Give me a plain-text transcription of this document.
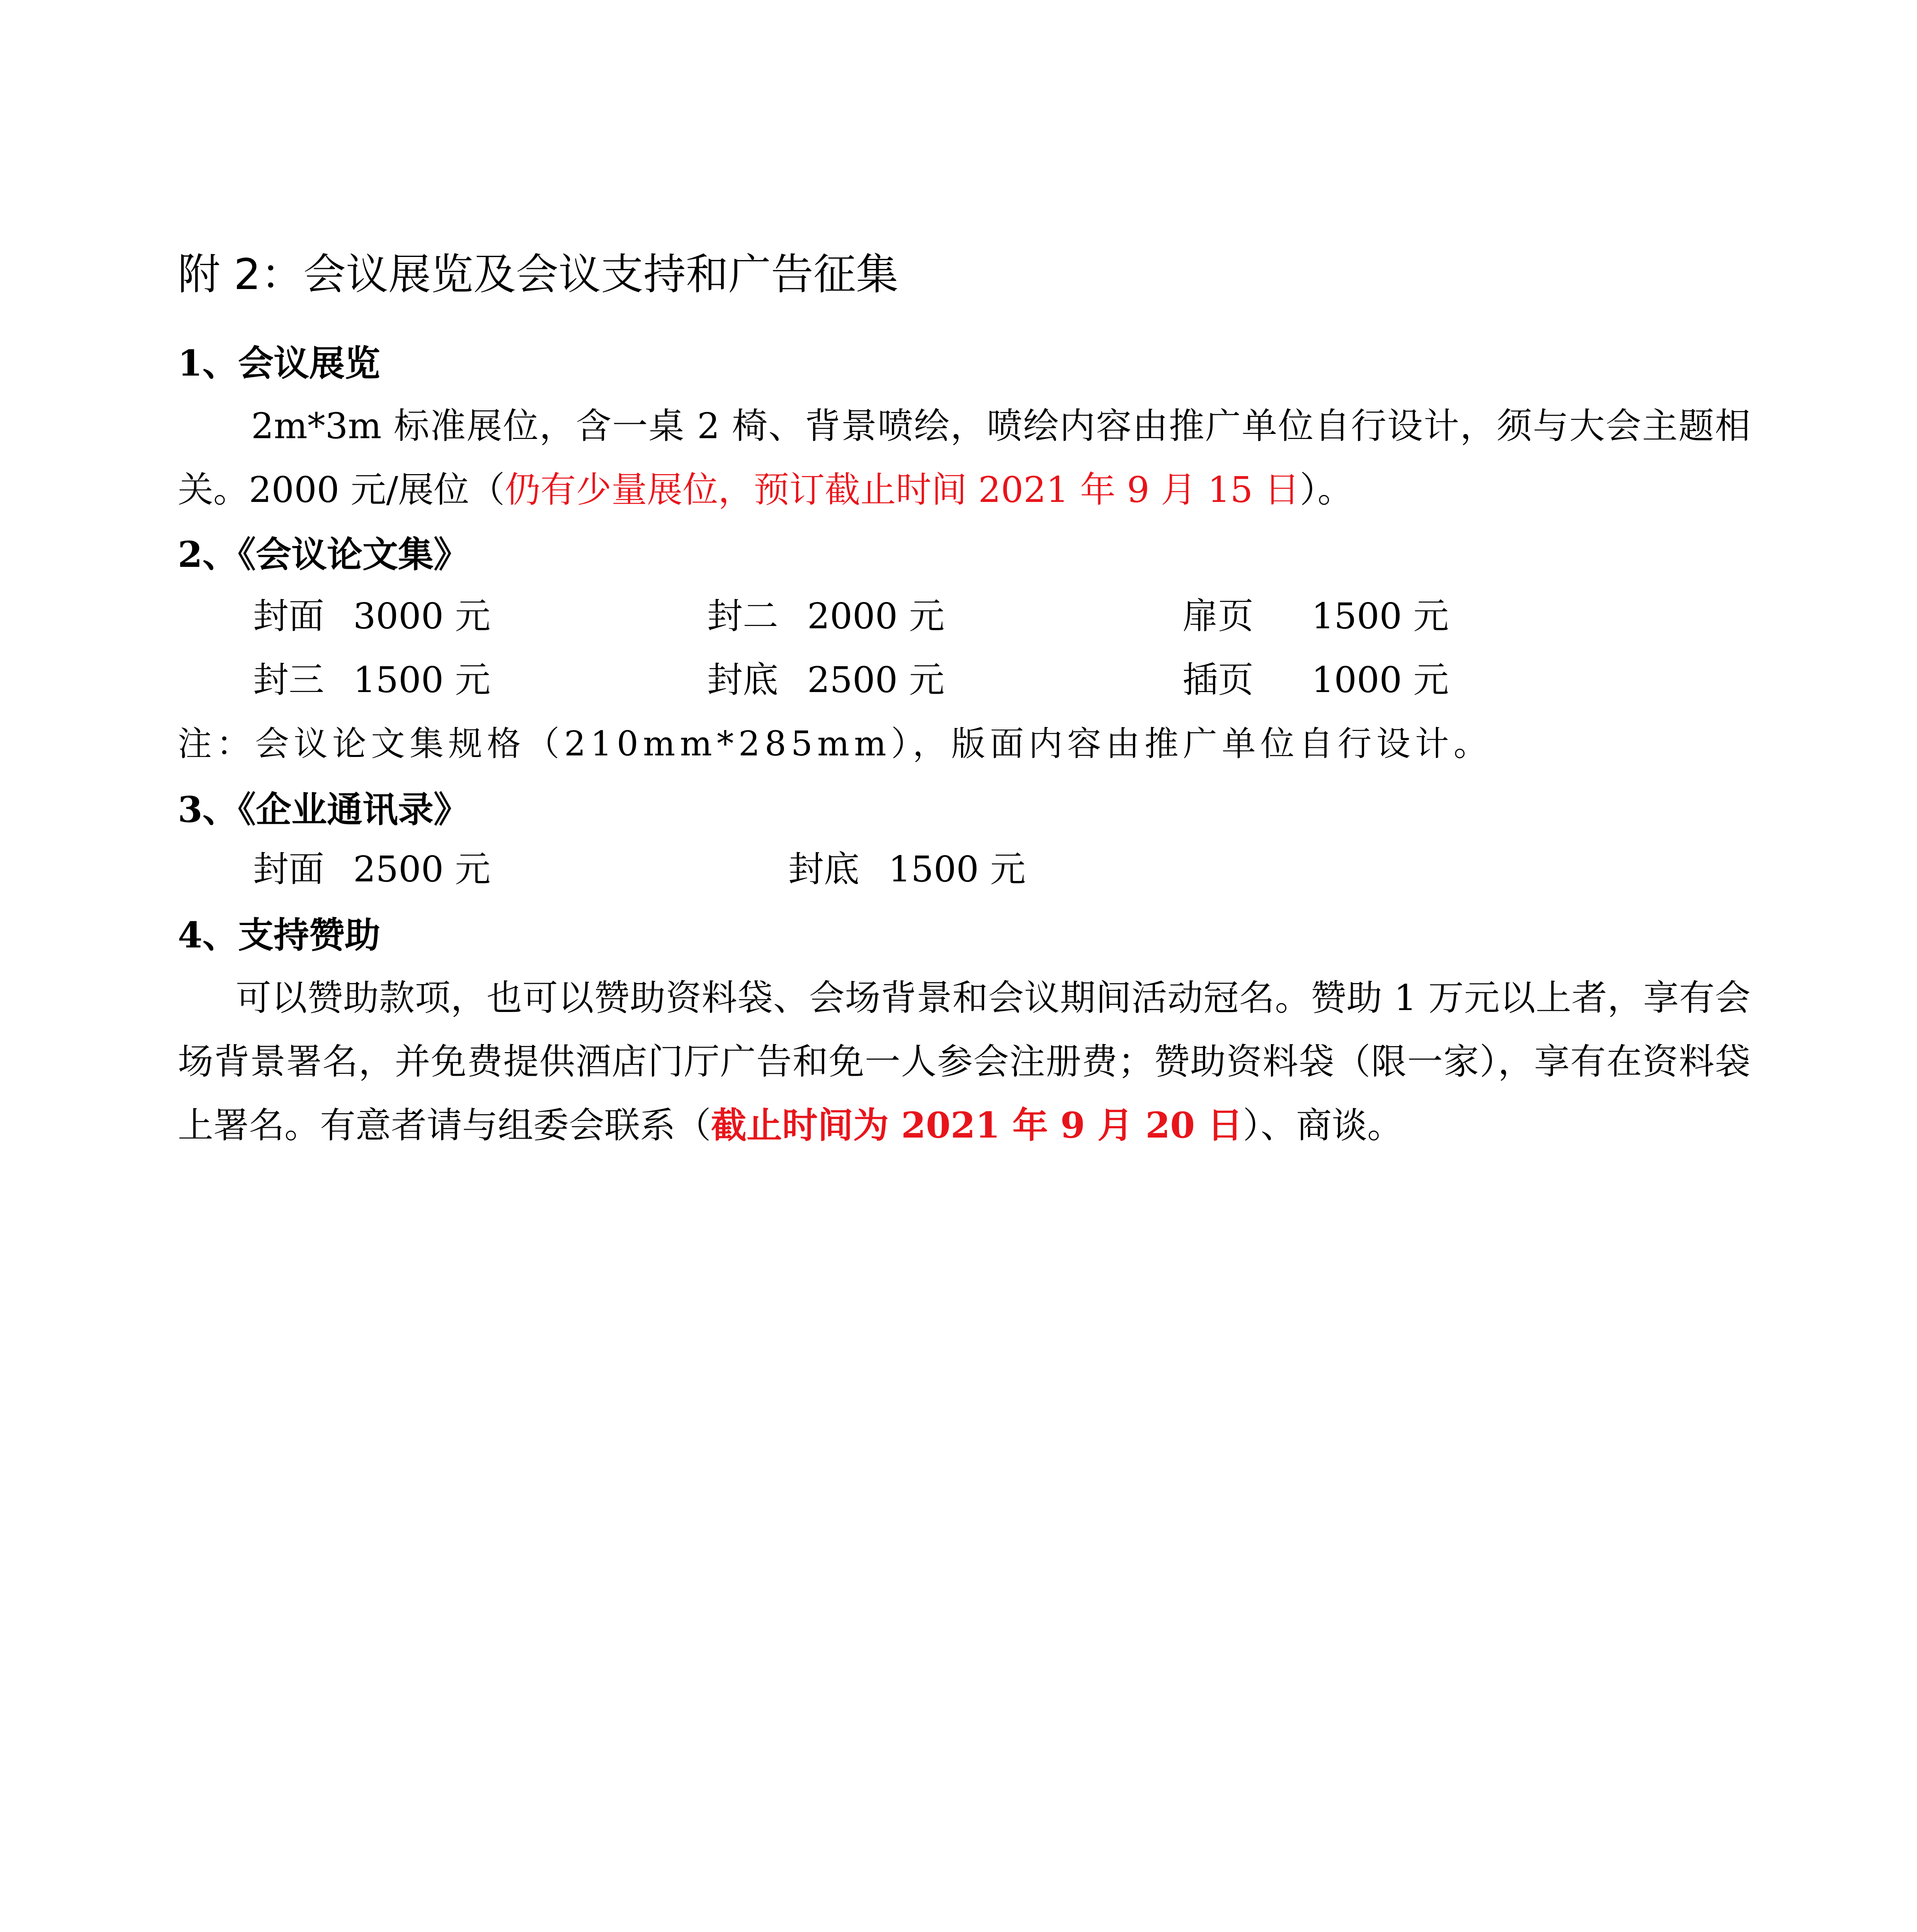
附 2：会议展览及会议支持和广告征集
1、会议展览
2m*3m 标准展位，含一桌 2 椅、背景喷绘，喷绘内容由推广单位自行设计，须与大会主题相关。2000 元/展位（仍有少量展位，预订截止时间 2021 年 9 月 15 日）。
2、《会议论文集》
封面 3000 元	封二 2000 元	扉页 1500 元
封三 1500 元	封底 2500 元	插页 1000 元
注：会议论文集规格（210mm*285mm），版面内容由推广单位自行设计。
3、《企业通讯录》
封面 2500 元	封底 1500 元
4、支持赞助
可以赞助款项，也可以赞助资料袋、会场背景和会议期间活动冠名。赞助 1 万元以上者，享有会场背景署名，并免费提供酒店门厅广告和免一人参会注册费；赞助资料袋（限一家），享有在资料袋上署名。有意者请与组委会联系（截止时间为 2021 年 9 月 20 日）、商谈。
